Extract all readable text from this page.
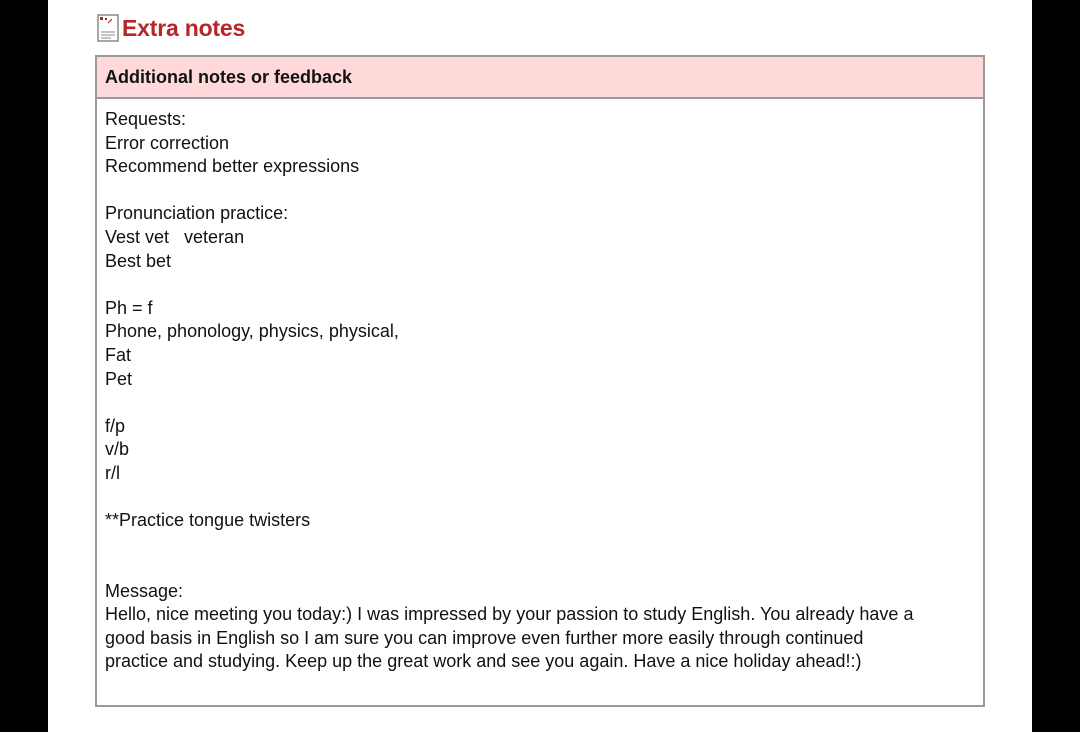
Extra notes
Additional notes or feedback
Requests:
Error correction
Recommend better expressions
Pronunciation practice:
Vest vet   veteran
Best bet
Ph = f
Phone, phonology, physics, physical,
Fat
Pet
f/p
v/b
r/l
**Practice tongue twisters
Message:
Hello, nice meeting you today:) I was impressed by your passion to study English. You already have a
good basis in English so I am sure you can improve even further more easily through continued
practice and studying. Keep up the great work and see you again. Have a nice holiday ahead!:)
